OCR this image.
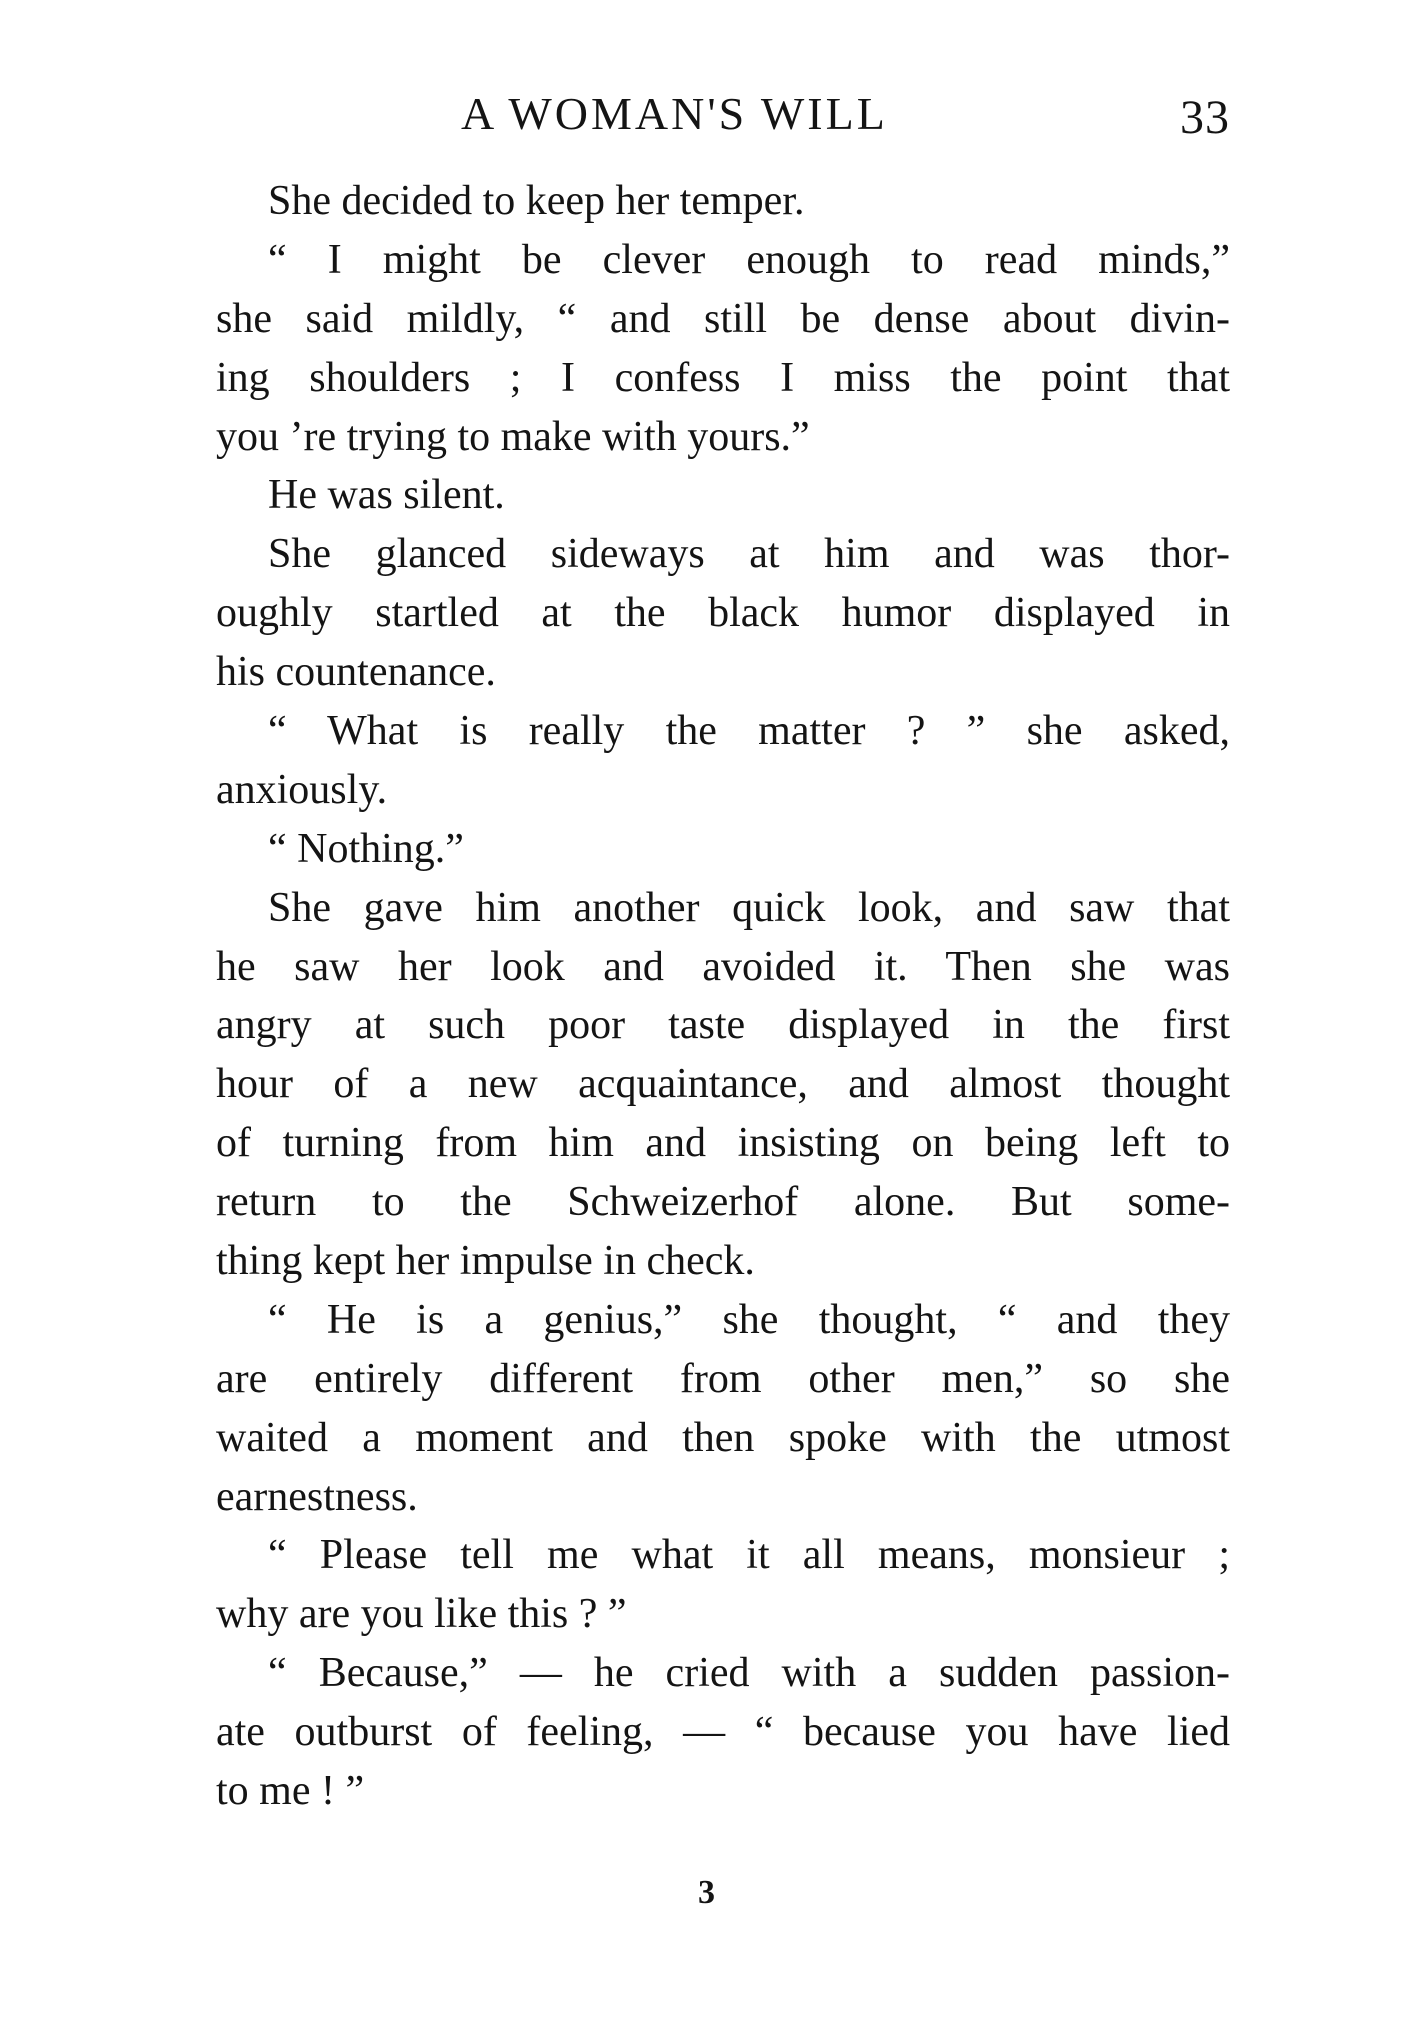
A WOMAN'S WILL	33
She decided to keep her temper.
“ I might be clever enough to read minds,”
she said mildly, “ and still be dense about divin-
ing shoulders ; I confess I miss the point that
you ’re trying to make with yours.”
He was silent.
She glanced sideways at him and was thor-
oughly startled at the black humor displayed in
his countenance.
“ What is really the matter ? ” she asked,
anxiously.
“ Nothing.”
She gave him another quick look, and saw that
he saw her look and avoided it. Then she was
angry at such poor taste displayed in the first
hour of a new acquaintance, and almost thought
of turning from him and insisting on being left to
return to the Schweizerhof alone. But some-
thing kept her impulse in check.
“ He is a genius,” she thought, “ and they
are entirely different from other men,” so she
waited a moment and then spoke with the utmost
earnestness.
“ Please tell me what it all means, monsieur ;
why are you like this ? ”
“ Because,” — he cried with a sudden passion-
ate outburst of feeling, — “ because you have lied
to me ! ”
3
